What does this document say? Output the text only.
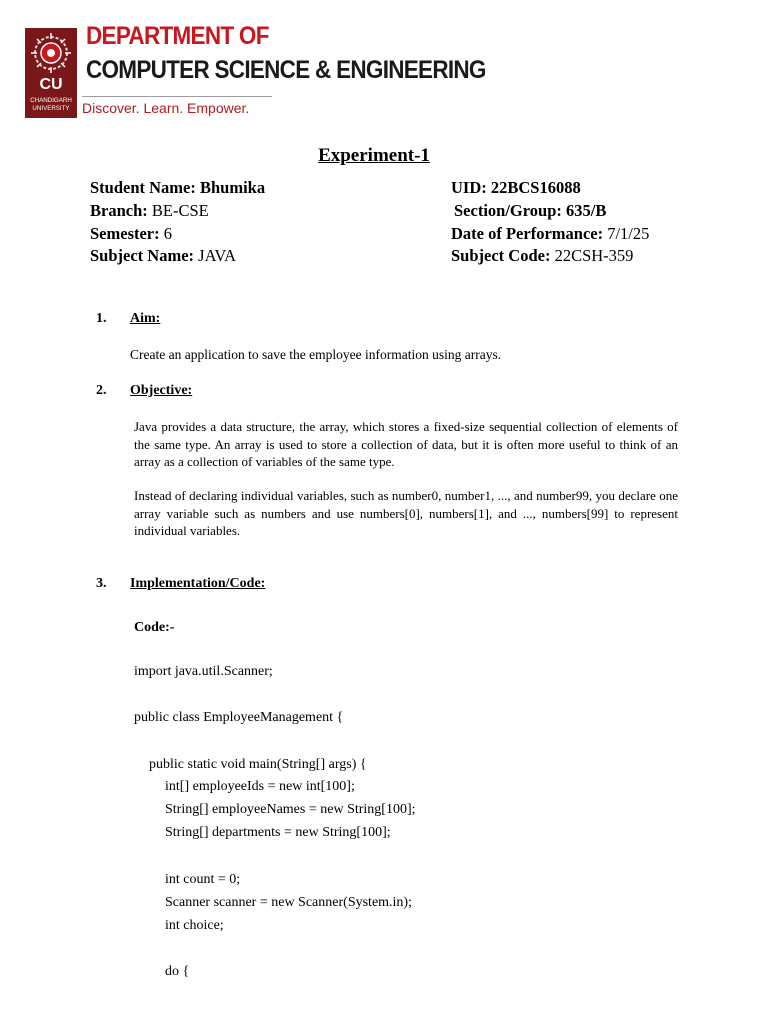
CU
CHANDIGARH
UNIVERSITY
DEPARTMENT OF
COMPUTER SCIENCE & ENGINEERING
Discover. Learn. Empower.
Experiment-1
Student Name: Bhumika	UID: 22BCS16088
Branch: BE-CSE	Section/Group: 635/B
Semester: 6	Date of Performance: 7/1/25
Subject Name: JAVA	Subject Code: 22CSH-359
1. Aim:
Create an application to save the employee information using arrays.
2. Objective:
Java provides a data structure, the array, which stores a fixed-size sequential collection of elements of the same type. An array is used to store a collection of data, but it is often more useful to think of an array as a collection of variables of the same type.
Instead of declaring individual variables, such as number0, number1, ..., and number99, you declare one array variable such as numbers and use numbers[0], numbers[1], and ..., numbers[99] to represent individual variables.
3. Implementation/Code:
Code:-
import java.util.Scanner;
public class EmployeeManagement {
public static void main(String[] args) {
int[] employeeIds = new int[100];
String[] employeeNames = new String[100];
String[] departments = new String[100];
int count = 0;
Scanner scanner = new Scanner(System.in);
int choice;
do {
